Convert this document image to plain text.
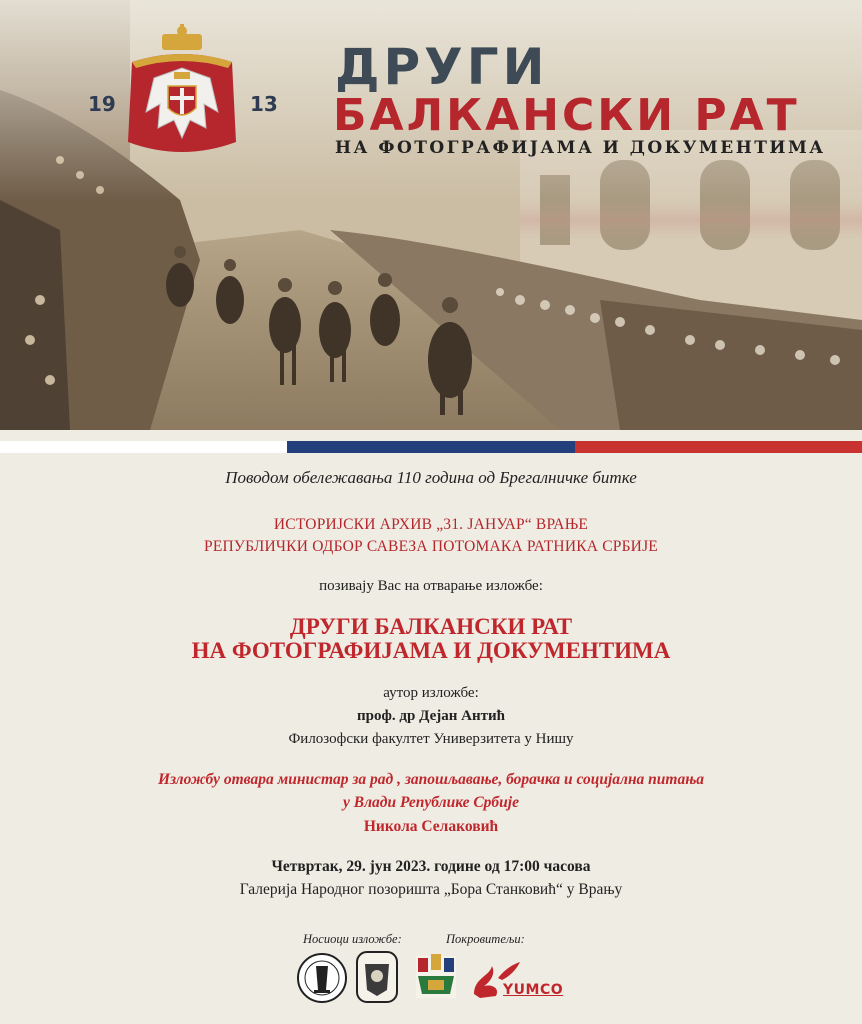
19	13
ДРУГИ
БАЛКАНСКИ РАТ
НА ФОТОГРАФИЈАМА И ДОКУМЕНТИМА
Поводом обележавања 110 година од Брегалничке битке
ИСТОРИЈСКИ АРХИВ „31. ЈАНУАР“ ВРАЊЕ
РЕПУБЛИЧКИ ОДБОР САВЕЗА ПОТОМАКА РАТНИКА СРБИЈЕ
позивају Вас на отварање изложбе:
ДРУГИ БАЛКАНСКИ РАТ
НА ФОТОГРАФИЈАМА И ДОКУМЕНТИМА
аутор изложбе:
проф. др Дејан Антић
Филозофски факултет Универзитета у Нишу
Изложбу отвара министар за рад , запошљавање, борачка и социјална питања
у Влади Републике Србије
Никола Селаковић
Четвртак, 29. јун 2023. године од 17:00 часова
Галерија Народног позоришта „Бора Станковић“ у Врању
Носиоци изложбе:	Покровитељи:
YUMCO
